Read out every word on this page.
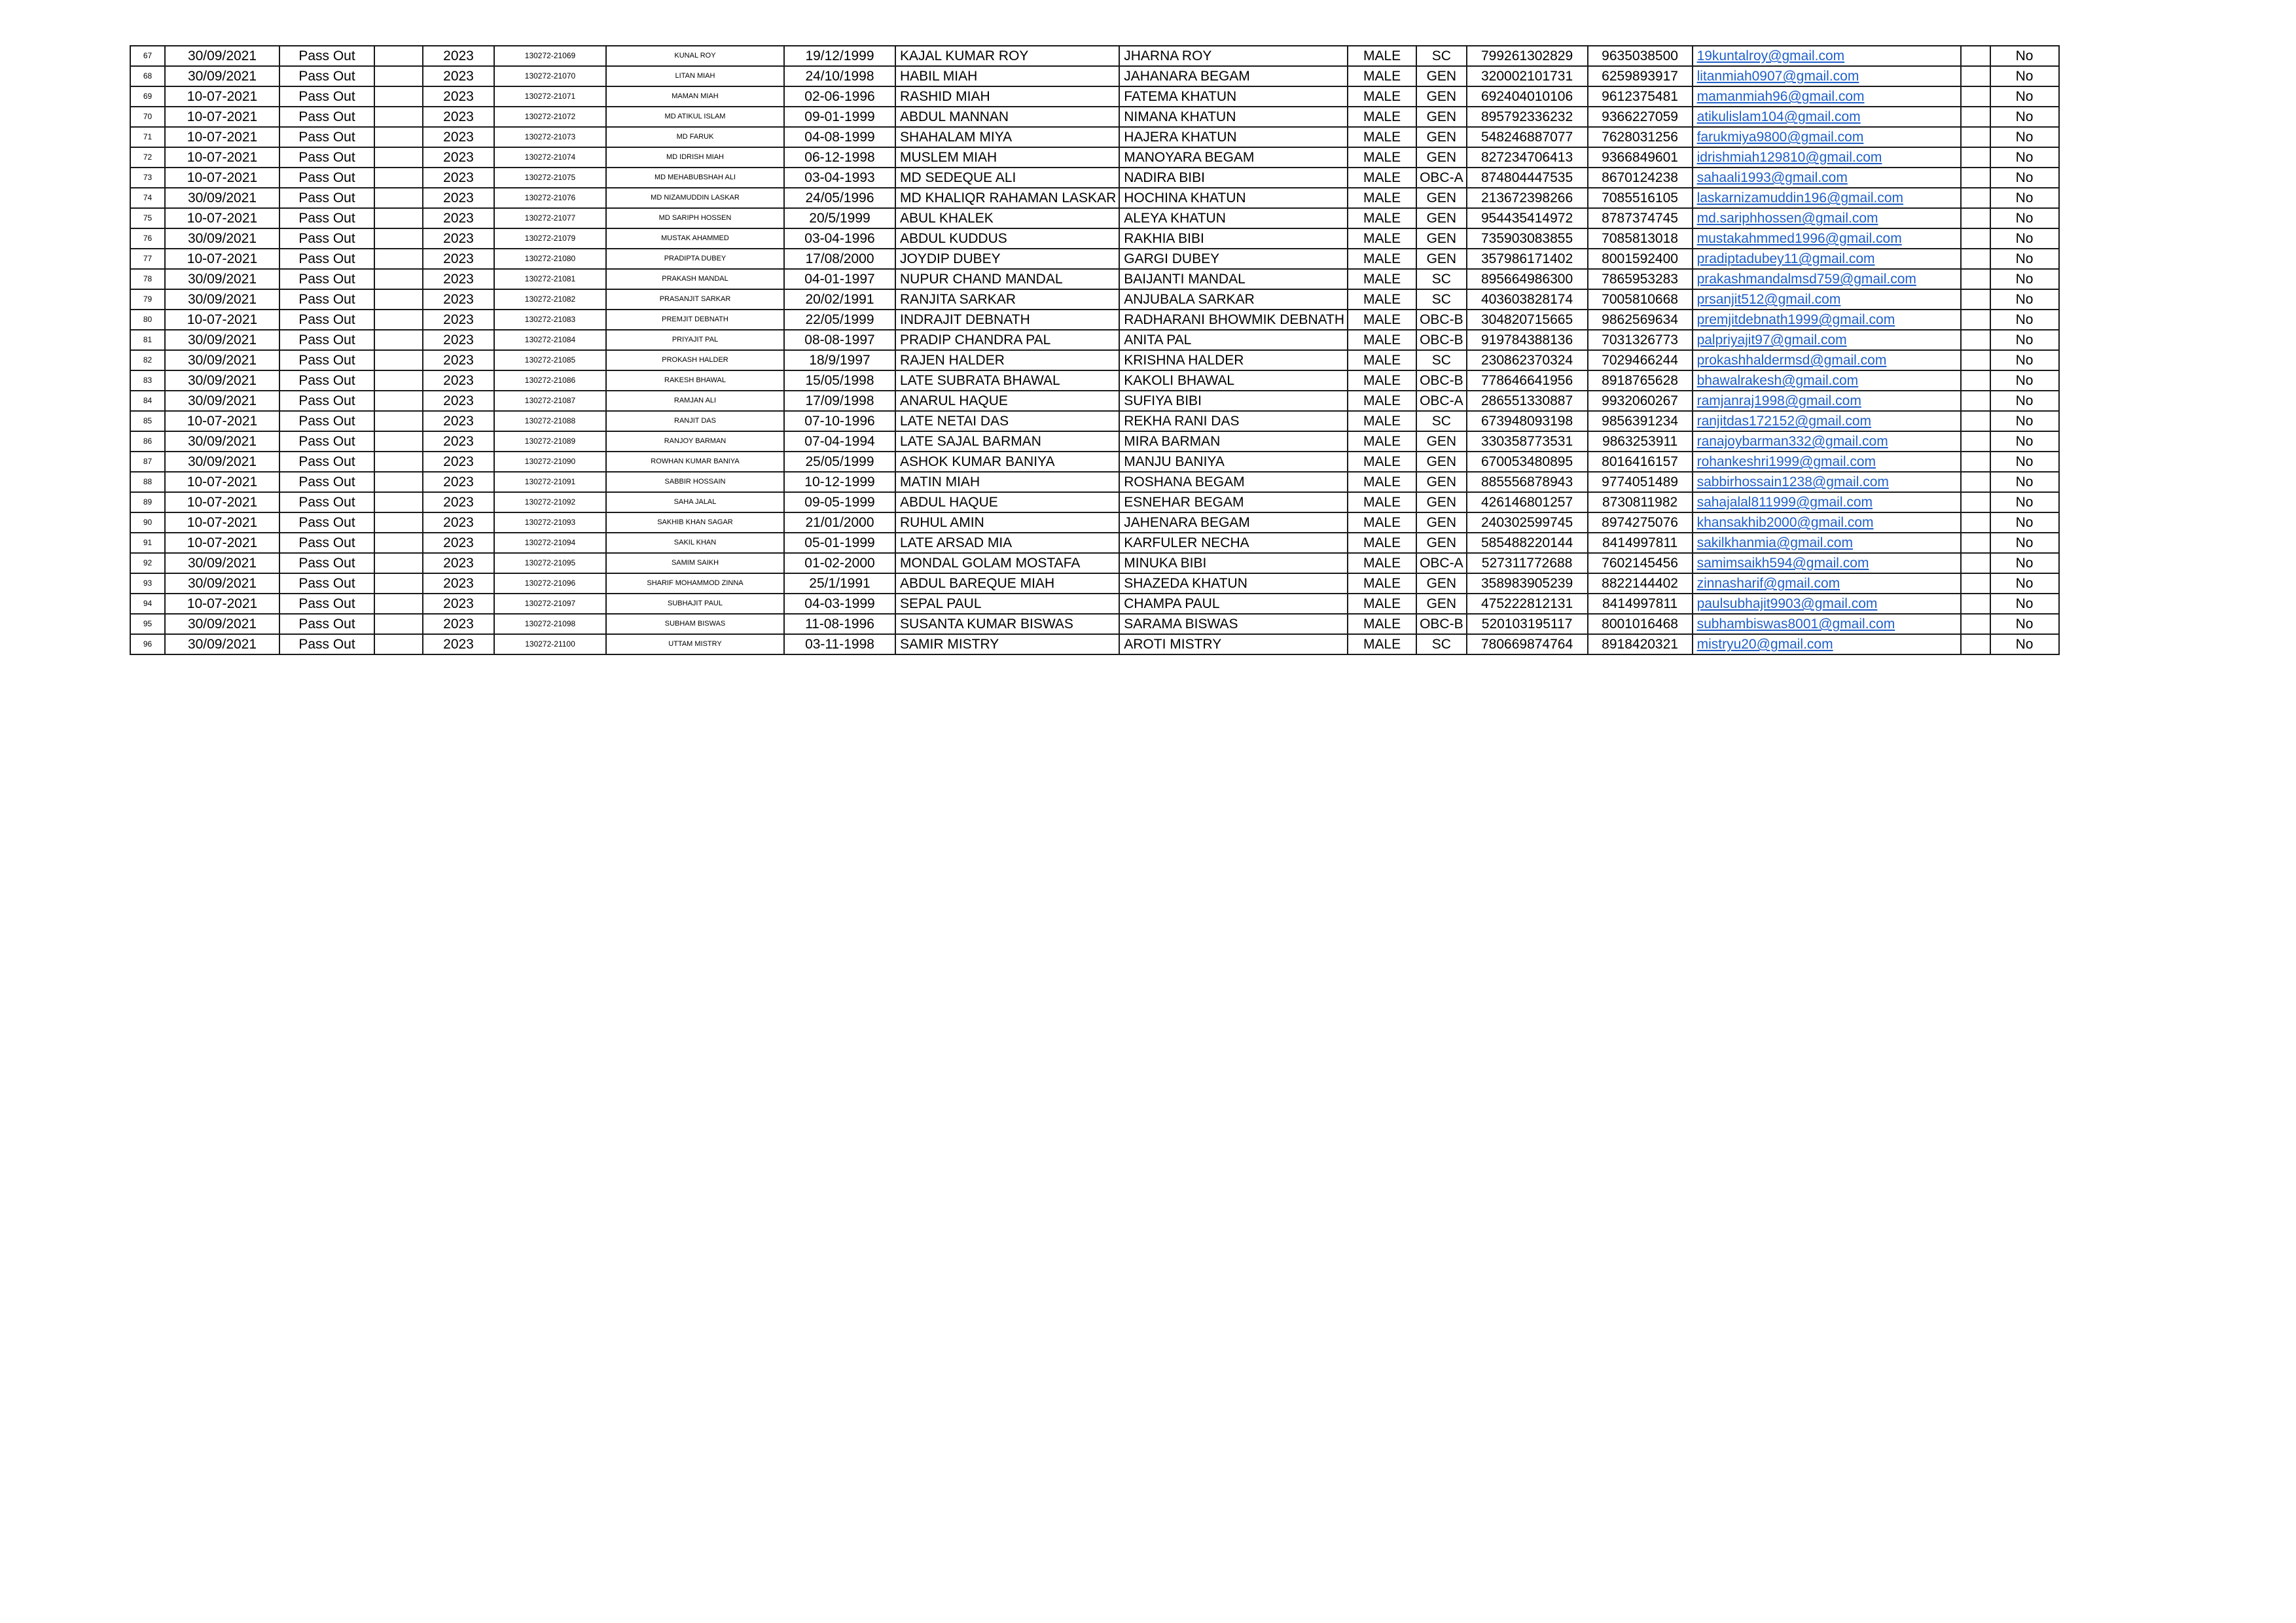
67	30/09/2021	Pass Out		2023	130272-21069	KUNAL ROY	19/12/1999	KAJAL KUMAR ROY	JHARNA ROY	MALE	SC	799261302829	9635038500	19kuntalroy@gmail.com		No
68	30/09/2021	Pass Out		2023	130272-21070	LITAN MIAH	24/10/1998	HABIL MIAH	JAHANARA BEGAM	MALE	GEN	320002101731	6259893917	litanmiah0907@gmail.com		No
69	10-07-2021	Pass Out		2023	130272-21071	MAMAN MIAH	02-06-1996	RASHID MIAH	FATEMA KHATUN	MALE	GEN	692404010106	9612375481	mamanmiah96@gmail.com		No
70	10-07-2021	Pass Out		2023	130272-21072	MD ATIKUL ISLAM	09-01-1999	ABDUL MANNAN	NIMANA KHATUN	MALE	GEN	895792336232	9366227059	atikulislam104@gmail.com		No
71	10-07-2021	Pass Out		2023	130272-21073	MD FARUK	04-08-1999	SHAHALAM MIYA	HAJERA KHATUN	MALE	GEN	548246887077	7628031256	farukmiya9800@gmail.com		No
72	10-07-2021	Pass Out		2023	130272-21074	MD IDRISH MIAH	06-12-1998	MUSLEM MIAH	MANOYARA BEGAM	MALE	GEN	827234706413	9366849601	idrishmiah129810@gmail.com		No
73	10-07-2021	Pass Out		2023	130272-21075	MD MEHABUBSHAH ALI	03-04-1993	MD SEDEQUE ALI	NADIRA BIBI	MALE	OBC-A	874804447535	8670124238	sahaali1993@gmail.com		No
74	30/09/2021	Pass Out		2023	130272-21076	MD NIZAMUDDIN LASKAR	24/05/1996	MD KHALIQR RAHAMAN LASKAR	HOCHINA KHATUN	MALE	GEN	213672398266	7085516105	laskarnizamuddin196@gmail.com		No
75	10-07-2021	Pass Out		2023	130272-21077	MD SARIPH HOSSEN	20/5/1999	ABUL KHALEK	ALEYA KHATUN	MALE	GEN	954435414972	8787374745	md.sariphhossen@gmail.com		No
76	30/09/2021	Pass Out		2023	130272-21079	MUSTAK AHAMMED	03-04-1996	ABDUL KUDDUS	RAKHIA BIBI	MALE	GEN	735903083855	7085813018	mustakahmmed1996@gmail.com		No
77	10-07-2021	Pass Out		2023	130272-21080	PRADIPTA DUBEY	17/08/2000	JOYDIP DUBEY	GARGI DUBEY	MALE	GEN	357986171402	8001592400	pradiptadubey11@gmail.com		No
78	30/09/2021	Pass Out		2023	130272-21081	PRAKASH MANDAL	04-01-1997	NUPUR CHAND MANDAL	BAIJANTI MANDAL	MALE	SC	895664986300	7865953283	prakashmandalmsd759@gmail.com		No
79	30/09/2021	Pass Out		2023	130272-21082	PRASANJIT SARKAR	20/02/1991	RANJITA SARKAR	ANJUBALA SARKAR	MALE	SC	403603828174	7005810668	prsanjit512@gmail.com		No
80	10-07-2021	Pass Out		2023	130272-21083	PREMJIT DEBNATH	22/05/1999	INDRAJIT DEBNATH	RADHARANI BHOWMIK DEBNATH	MALE	OBC-B	304820715665	9862569634	premjitdebnath1999@gmail.com		No
81	30/09/2021	Pass Out		2023	130272-21084	PRIYAJIT PAL	08-08-1997	PRADIP CHANDRA PAL	ANITA PAL	MALE	OBC-B	919784388136	7031326773	palpriyajit97@gmail.com		No
82	30/09/2021	Pass Out		2023	130272-21085	PROKASH HALDER	18/9/1997	RAJEN HALDER	KRISHNA HALDER	MALE	SC	230862370324	7029466244	prokashhaldermsd@gmail.com		No
83	30/09/2021	Pass Out		2023	130272-21086	RAKESH BHAWAL	15/05/1998	LATE SUBRATA BHAWAL	KAKOLI BHAWAL	MALE	OBC-B	778646641956	8918765628	bhawalrakesh@gmail.com		No
84	30/09/2021	Pass Out		2023	130272-21087	RAMJAN ALI	17/09/1998	ANARUL HAQUE	SUFIYA BIBI	MALE	OBC-A	286551330887	9932060267	ramjanraj1998@gmail.com		No
85	10-07-2021	Pass Out		2023	130272-21088	RANJIT DAS	07-10-1996	LATE NETAI DAS	REKHA RANI DAS	MALE	SC	673948093198	9856391234	ranjitdas172152@gmail.com		No
86	30/09/2021	Pass Out		2023	130272-21089	RANJOY BARMAN	07-04-1994	LATE SAJAL BARMAN	MIRA BARMAN	MALE	GEN	330358773531	9863253911	ranajoybarman332@gmail.com		No
87	30/09/2021	Pass Out		2023	130272-21090	ROWHAN KUMAR BANIYA	25/05/1999	ASHOK KUMAR BANIYA	MANJU BANIYA	MALE	GEN	670053480895	8016416157	rohankeshri1999@gmail.com		No
88	10-07-2021	Pass Out		2023	130272-21091	SABBIR HOSSAIN	10-12-1999	MATIN MIAH	ROSHANA BEGAM	MALE	GEN	885556878943	9774051489	sabbirhossain1238@gmail.com		No
89	10-07-2021	Pass Out		2023	130272-21092	SAHA JALAL	09-05-1999	ABDUL HAQUE	ESNEHAR BEGAM	MALE	GEN	426146801257	8730811982	sahajalal811999@gmail.com		No
90	10-07-2021	Pass Out		2023	130272-21093	SAKHIB KHAN SAGAR	21/01/2000	RUHUL AMIN	JAHENARA BEGAM	MALE	GEN	240302599745	8974275076	khansakhib2000@gmail.com		No
91	10-07-2021	Pass Out		2023	130272-21094	SAKIL KHAN	05-01-1999	LATE ARSAD MIA	KARFULER NECHA	MALE	GEN	585488220144	8414997811	sakilkhanmia@gmail.com		No
92	30/09/2021	Pass Out		2023	130272-21095	SAMIM SAIKH	01-02-2000	MONDAL GOLAM MOSTAFA	MINUKA BIBI	MALE	OBC-A	527311772688	7602145456	samimsaikh594@gmail.com		No
93	30/09/2021	Pass Out		2023	130272-21096	SHARIF MOHAMMOD ZINNA	25/1/1991	ABDUL BAREQUE MIAH	SHAZEDA KHATUN	MALE	GEN	358983905239	8822144402	zinnasharif@gmail.com		No
94	10-07-2021	Pass Out		2023	130272-21097	SUBHAJIT PAUL	04-03-1999	SEPAL PAUL	CHAMPA PAUL	MALE	GEN	475222812131	8414997811	paulsubhajit9903@gmail.com		No
95	30/09/2021	Pass Out		2023	130272-21098	SUBHAM BISWAS	11-08-1996	SUSANTA KUMAR BISWAS	SARAMA BISWAS	MALE	OBC-B	520103195117	8001016468	subhambiswas8001@gmail.com		No
96	30/09/2021	Pass Out		2023	130272-21100	UTTAM MISTRY	03-11-1998	SAMIR MISTRY	AROTI MISTRY	MALE	SC	780669874764	8918420321	mistryu20@gmail.com		No
